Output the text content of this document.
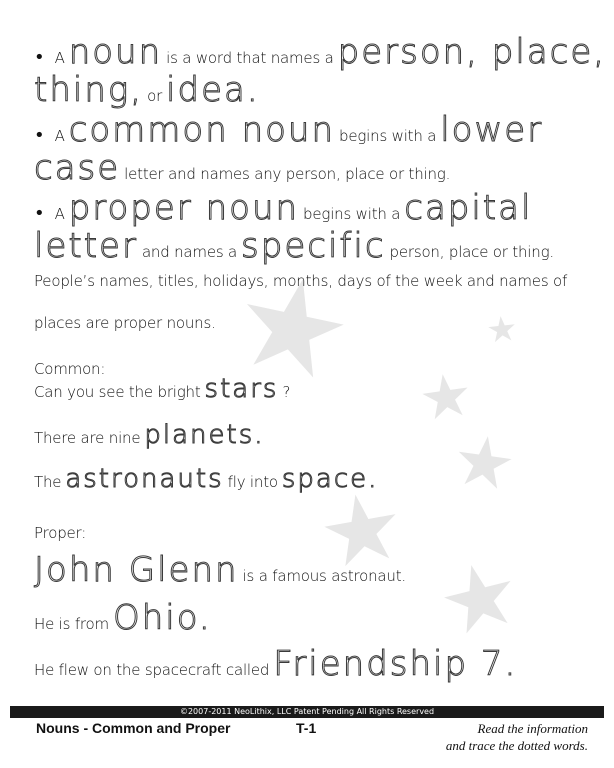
• A noun is a word that names a person, place,
thing, or idea.
• A common noun begins with a lower
case letter and names any person, place or thing.
• A proper noun begins with a capital
letter and names a specific person, place or thing.
People’s names, titles, holidays, months, days of the week and names of
places are proper nouns.
Common:
Can you see the bright stars ?
There are nine planets.
The astronauts fly into space.
Proper:
John Glenn is a famous astronaut.
He is from Ohio.
He flew on the spacecraft called Friendship 7.
©2007-2011 NeoLithix, LLC Patent Pending All Rights Reserved
Nouns - Common and Proper	T-1	Read the information
and trace the dotted words.
